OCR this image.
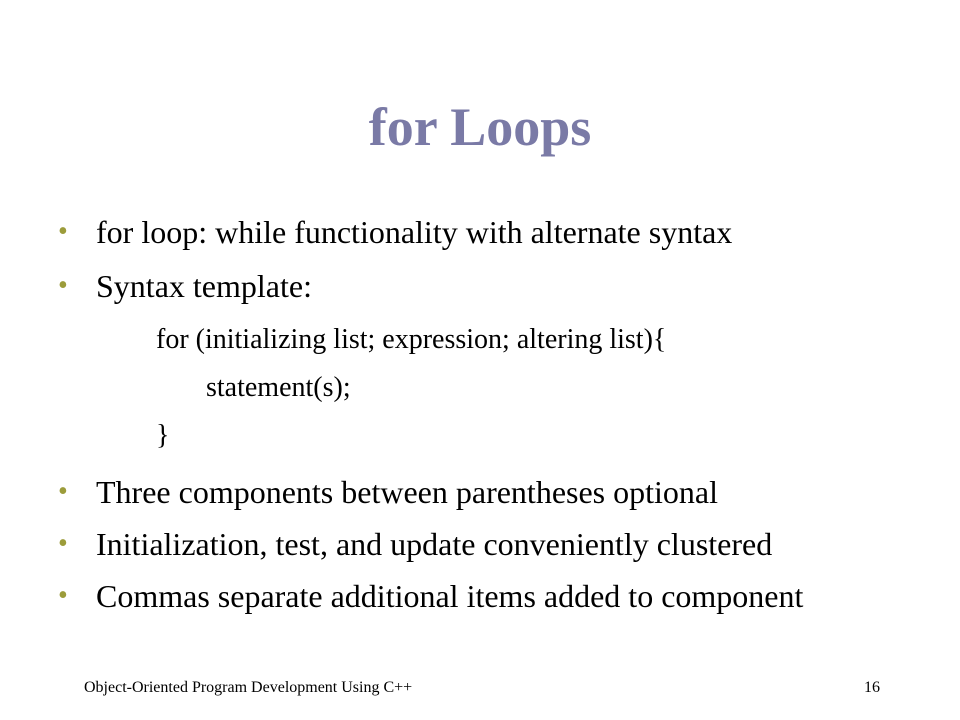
for Loops
• for loop: while functionality with alternate syntax
• Syntax template:
for (initializing list; expression; altering list){
statement(s);
}
• Three components between parentheses optional
• Initialization, test, and update conveniently clustered
• Commas separate additional items added to component
Object-Oriented Program Development Using C++	16
